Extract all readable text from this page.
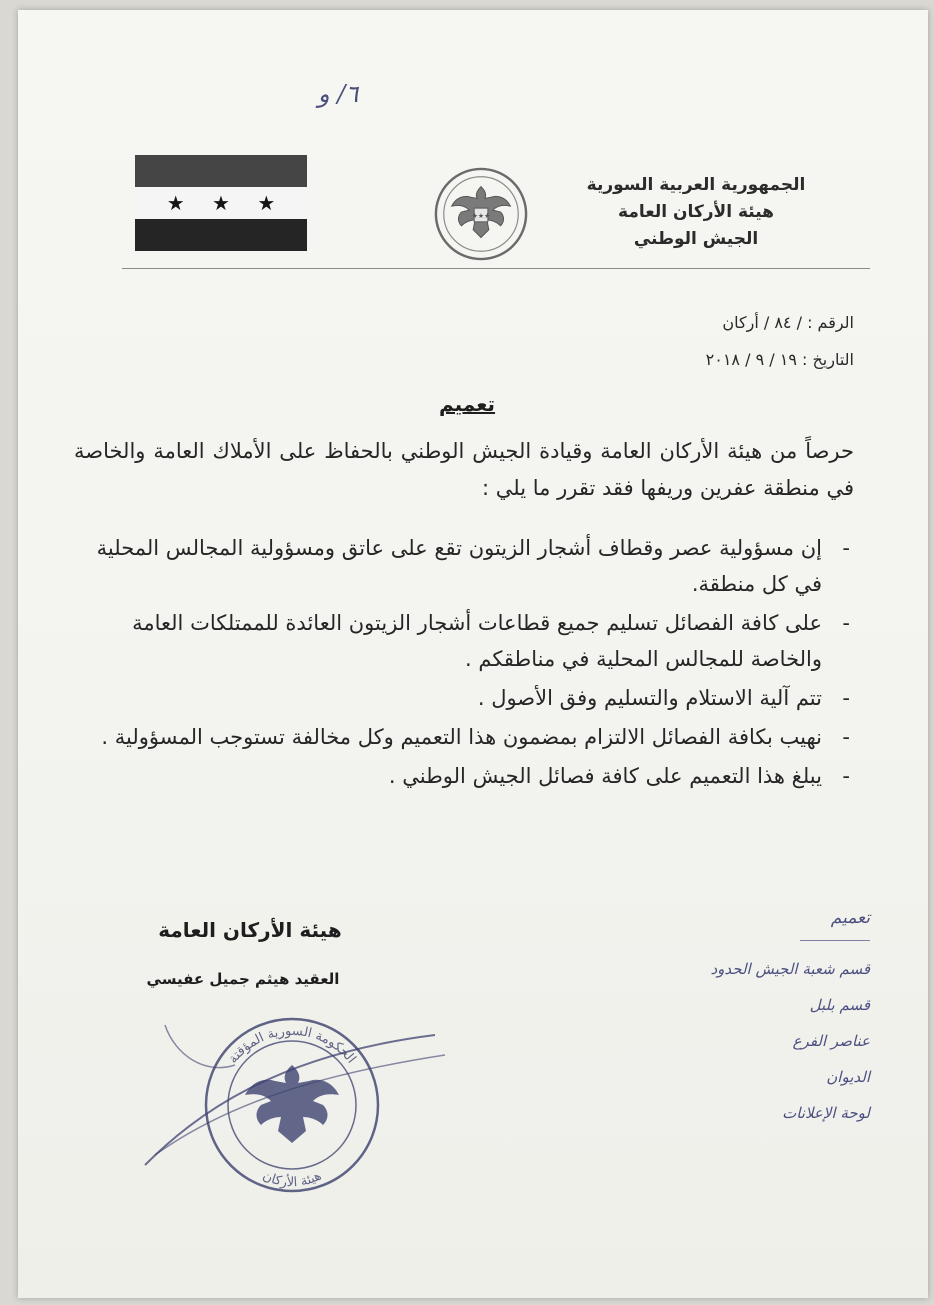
٦/ و
★ ★ ★
★★★
الجمهورية العربية السورية
هيئة الأركان العامة
الجيش الوطني
الرقم : / ٨٤ / أركان
التاريخ : ١٩ / ٩ / ٢٠١٨
تعميم
حرصاً من هيئة الأركان العامة وقيادة الجيش الوطني بالحفاظ على الأملاك العامة والخاصة في منطقة عفرين وريفها فقد تقرر ما يلي :
- إن مسؤولية عصر وقطاف أشجار الزيتون تقع على عاتق ومسؤولية المجالس المحلية في كل منطقة.
- على كافة الفصائل تسليم جميع قطاعات أشجار الزيتون العائدة للممتلكات العامة والخاصة للمجالس المحلية في مناطقكم .
- تتم آلية الاستلام والتسليم وفق الأصول .
- نهيب بكافة الفصائل الالتزام بمضمون هذا التعميم وكل مخالفة تستوجب المسؤولية .
- يبلغ هذا التعميم على كافة فصائل الجيش الوطني .
هيئة الأركان العامة
العقيد هيثم جميل عفيسي
الحكومة السورية المؤقتة
هيئة الأركان
تعميم
قسم شعبة الجيش الحدود
قسم بلبل
عناصر الفرع
الديوان
لوحة الإعلانات
